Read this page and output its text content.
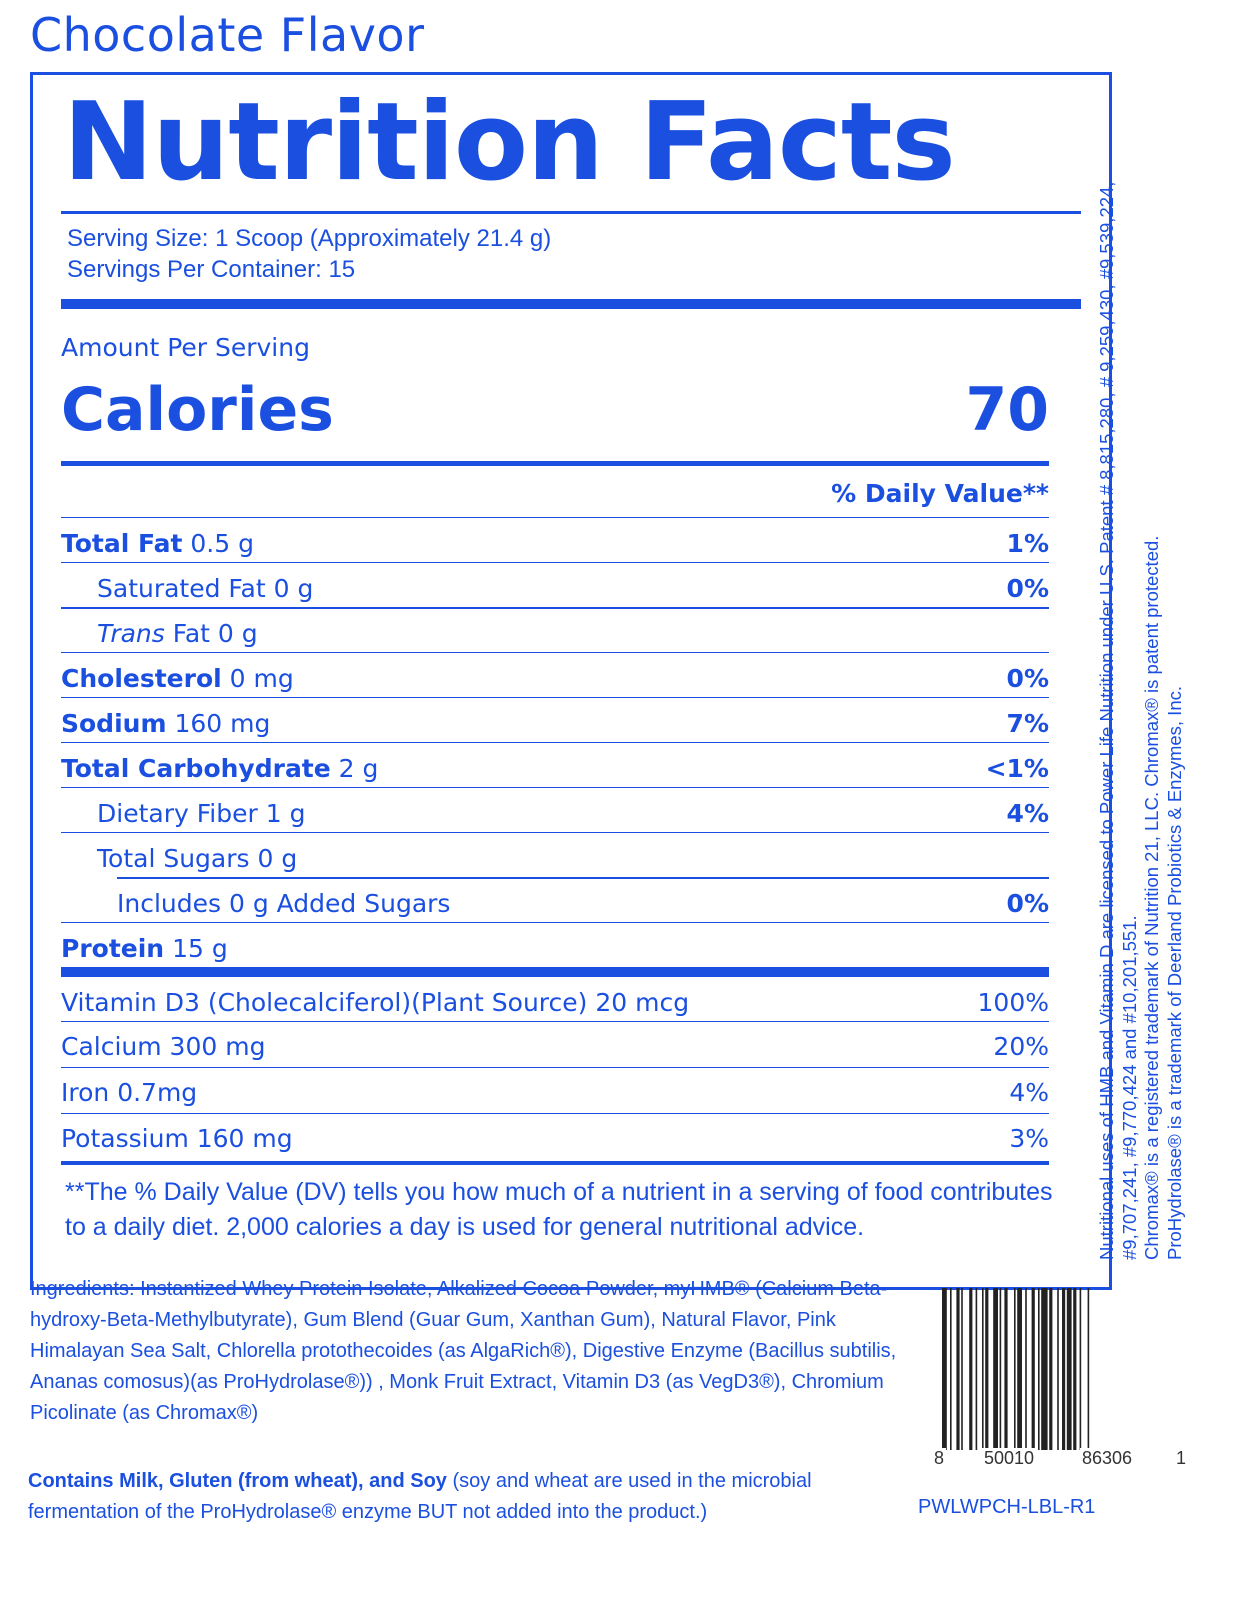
Chocolate Flavor
Nutrition Facts
Serving Size: 1 Scoop (Approximately 21.4 g)
Servings Per Container: 15
Amount Per Serving
Calories	70
% Daily Value**
Total Fat 0.5 g	1%
Saturated Fat 0 g	0%
Trans Fat 0 g
Cholesterol 0 mg	0%
Sodium 160 mg	7%
Total Carbohydrate 2 g	<1%
Dietary Fiber 1 g	4%
Total Sugars 0 g
Includes 0 g Added Sugars	0%
Protein 15 g
Vitamin D3 (Cholecalciferol)(Plant Source) 20 mcg	100%
Calcium 300 mg	20%
Iron 0.7mg	4%
Potassium 160 mg	3%
**The % Daily Value (DV) tells you how much of a nutrient in a serving of food contributes to a daily diet. 2,000 calories a day is used for general nutritional advice.	Nutritional uses of HMB and Vitamin D are licensed to Power Life Nutrition under U.S. Patent # 8,815,280, # 9,259,430, #9,539,224, #9,707,241, #9,770,424 and #10,201,551. Chromax® is a registered trademark of Nutrition 21, LLC. Chromax® is patent protected. ProHydrolase® is a trademark of Deerland Probiotics & Enzymes, Inc.
Ingredients: Instantized Whey Protein Isolate, Alkalized Cocoa Powder, myHMB® (Calcium Beta-hydroxy-Beta-Methylbutyrate), Gum Blend (Guar Gum, Xanthan Gum), Natural Flavor, Pink Himalayan Sea Salt, Chlorella protothecoides (as AlgaRich®), Digestive Enzyme (Bacillus subtilis, Ananas comosus)(as ProHydrolase®)) , Monk Fruit Extract, Vitamin D3 (as VegD3®), Chromium Picolinate (as Chromax®)
Contains Milk, Gluten (from wheat), and Soy (soy and wheat are used in the microbial fermentation of the ProHydrolase® enzyme BUT not added into the product.)
8 50010	86306 1
PWLWPCH-LBL-R1
